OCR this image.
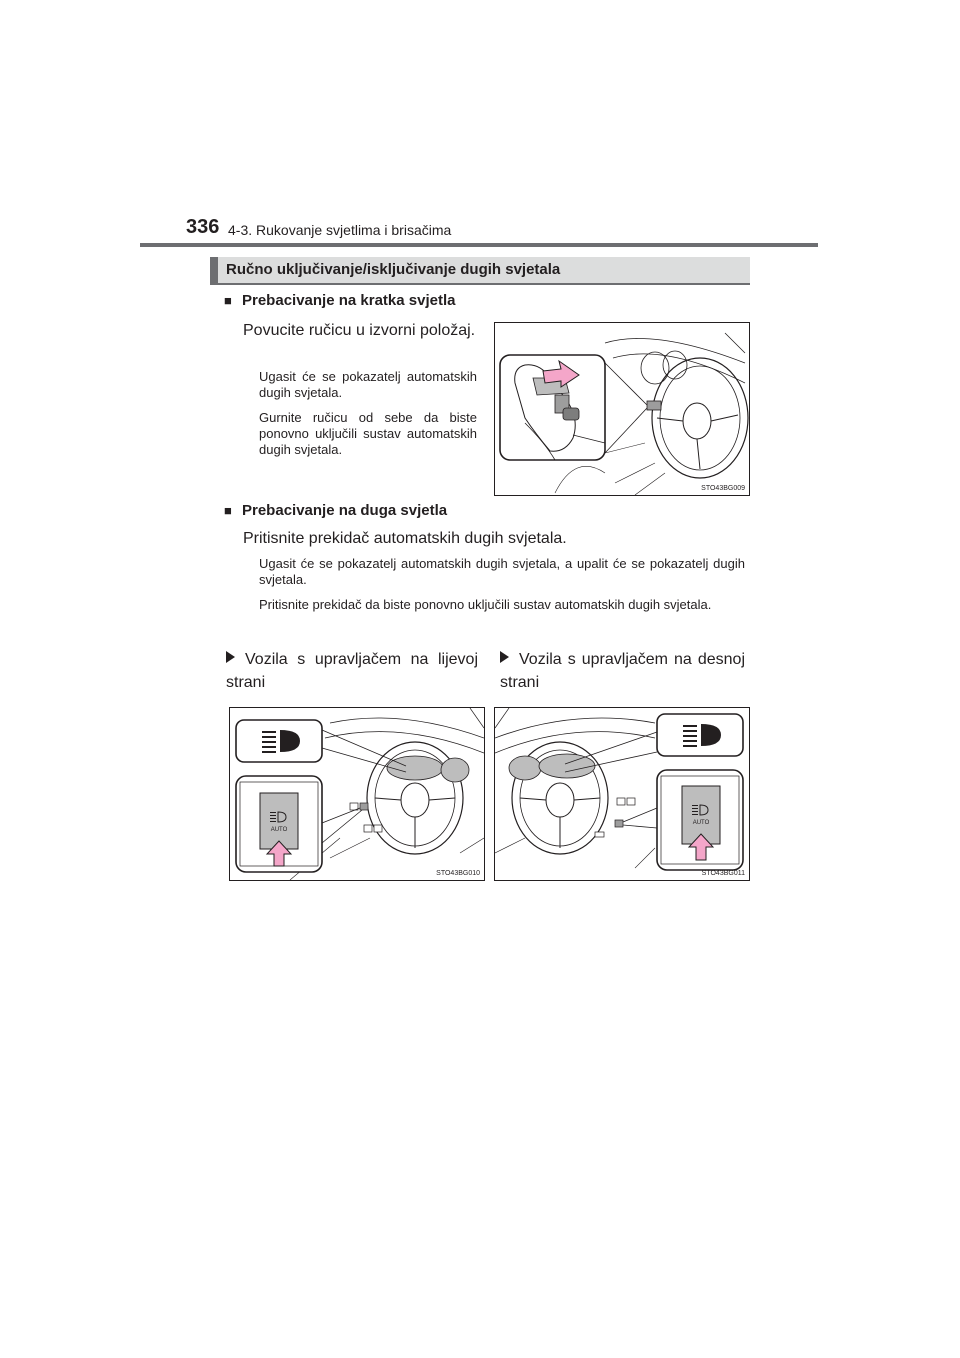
336 4-3. Rukovanje svjetlima i brisačima
Ručno uključivanje/isključivanje dugih svjetala
■ Prebacivanje na kratka svjetla
Povucite ručicu u izvorni položaj.
Ugasit će se pokazatelj automatskih dugih svjetala.
Gurnite ručicu od sebe da biste ponovno uključili sustav automatskih dugih svjetala.
STO43BG009
■ Prebacivanje na duga svjetla
Pritisnite prekidač automatskih dugih svjetala.
Ugasit će se pokazatelj automatskih dugih svjetala, a upalit će se pokazatelj dugih svjetala.
Pritisnite prekidač da biste ponovno uključili sustav automatskih dugih svjetala.
Vozila s upravljačem na lijevoj strani
Vozila s upravljačem na desnoj strani
AUTO
STO43BG010
AUTO
STO43BG011
